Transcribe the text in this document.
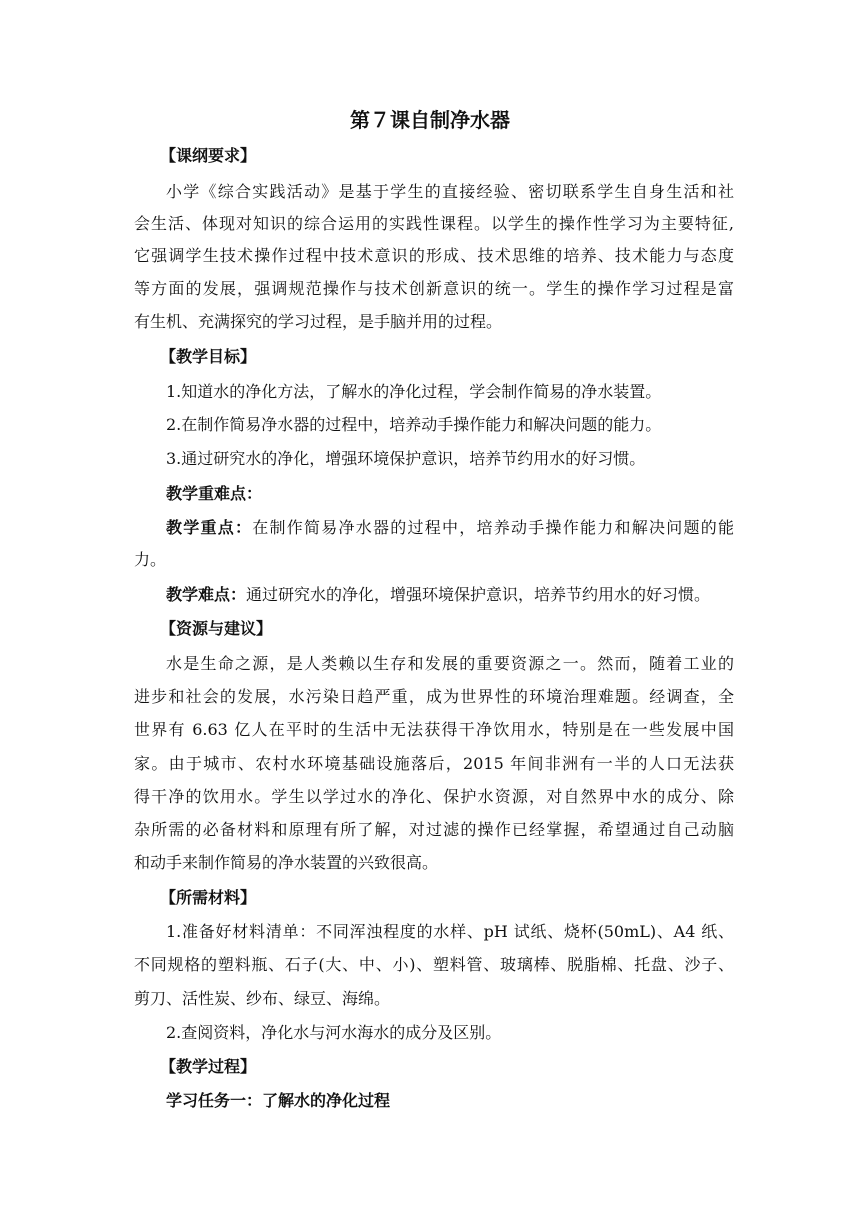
第７课自制净水器
【课纲要求】
小学《综合实践活动》是基于学生的直接经验、密切联系学生自身生活和社
会生活、体现对知识的综合运用的实践性课程。以学生的操作性学习为主要特征,
它强调学生技术操作过程中技术意识的形成、技术思维的培养、技术能力与态度
等方面的发展，强调规范操作与技术创新意识的统一。学生的操作学习过程是富
有生机、充满探究的学习过程，是手脑并用的过程。
【教学目标】
1.知道水的净化方法，了解水的净化过程，学会制作简易的净水装置。
2.在制作简易净水器的过程中，培养动手操作能力和解决问题的能力。
3.通过研究水的净化，增强环境保护意识，培养节约用水的好习惯。
教学重难点：
教学重点：在制作简易净水器的过程中，培养动手操作能力和解决问题的能
力。
教学难点：通过研究水的净化，增强环境保护意识，培养节约用水的好习惯。
【资源与建议】
水是生命之源，是人类赖以生存和发展的重要资源之一。然而，随着工业的
进步和社会的发展，水污染日趋严重，成为世界性的环境治理难题。经调查，全
世界有 6.63 亿人在平时的生活中无法获得干净饮用水，特别是在一些发展中国
家。由于城市、农村水环境基础设施落后，2015 年间非洲有一半的人口无法获
得干净的饮用水。学生以学过水的净化、保护水资源，对自然界中水的成分、除
杂所需的必备材料和原理有所了解，对过滤的操作已经掌握，希望通过自己动脑
和动手来制作简易的净水装置的兴致很高。
【所需材料】
1.准备好材料清单：不同浑浊程度的水样、pH 试纸、烧杯(50mL)、A4 纸、
不同规格的塑料瓶、石子(大、中、小)、塑料管、玻璃棒、脱脂棉、托盘、沙子、
剪刀、活性炭、纱布、绿豆、海绵。
2.查阅资料，净化水与河水海水的成分及区别。
【教学过程】
学习任务一：了解水的净化过程
